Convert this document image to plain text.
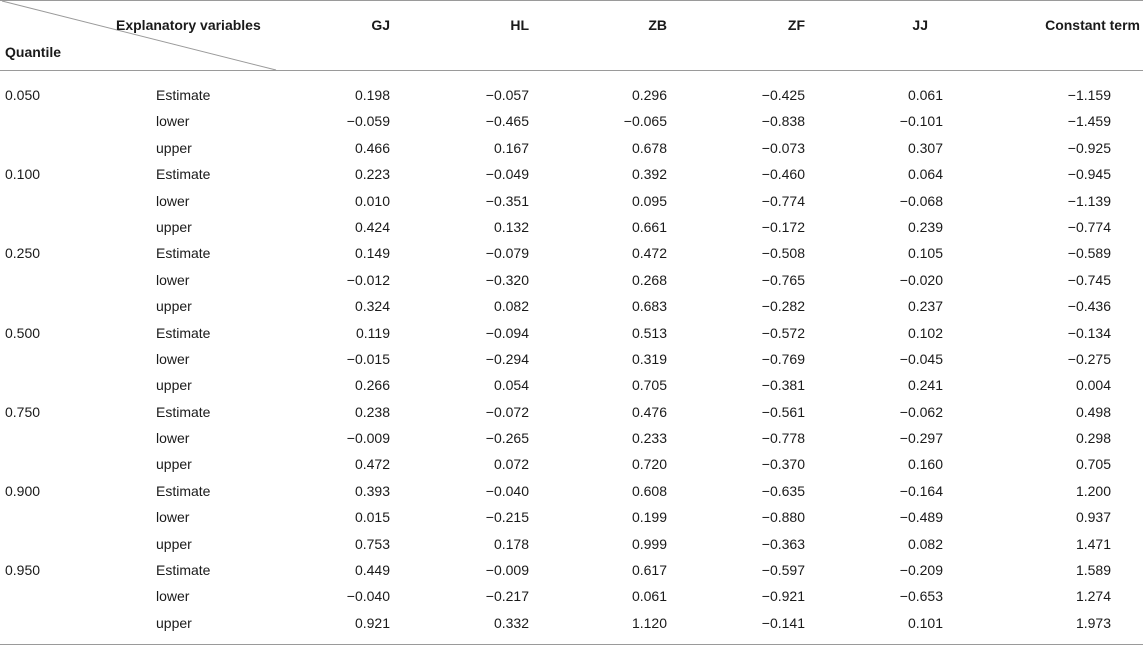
Explanatory variables
Quantile
GJ	HL	ZB	ZF	JJ	Constant term
0.050	Estimate	0.198	−0.057	0.296	−0.425	0.061	−1.159
lower	−0.059	−0.465	−0.065	−0.838	−0.101	−1.459
upper	0.466	0.167	0.678	−0.073	0.307	−0.925
0.100	Estimate	0.223	−0.049	0.392	−0.460	0.064	−0.945
lower	0.010	−0.351	0.095	−0.774	−0.068	−1.139
upper	0.424	0.132	0.661	−0.172	0.239	−0.774
0.250	Estimate	0.149	−0.079	0.472	−0.508	0.105	−0.589
lower	−0.012	−0.320	0.268	−0.765	−0.020	−0.745
upper	0.324	0.082	0.683	−0.282	0.237	−0.436
0.500	Estimate	0.119	−0.094	0.513	−0.572	0.102	−0.134
lower	−0.015	−0.294	0.319	−0.769	−0.045	−0.275
upper	0.266	0.054	0.705	−0.381	0.241	0.004
0.750	Estimate	0.238	−0.072	0.476	−0.561	−0.062	0.498
lower	−0.009	−0.265	0.233	−0.778	−0.297	0.298
upper	0.472	0.072	0.720	−0.370	0.160	0.705
0.900	Estimate	0.393	−0.040	0.608	−0.635	−0.164	1.200
lower	0.015	−0.215	0.199	−0.880	−0.489	0.937
upper	0.753	0.178	0.999	−0.363	0.082	1.471
0.950	Estimate	0.449	−0.009	0.617	−0.597	−0.209	1.589
lower	−0.040	−0.217	0.061	−0.921	−0.653	1.274
upper	0.921	0.332	1.120	−0.141	0.101	1.973
